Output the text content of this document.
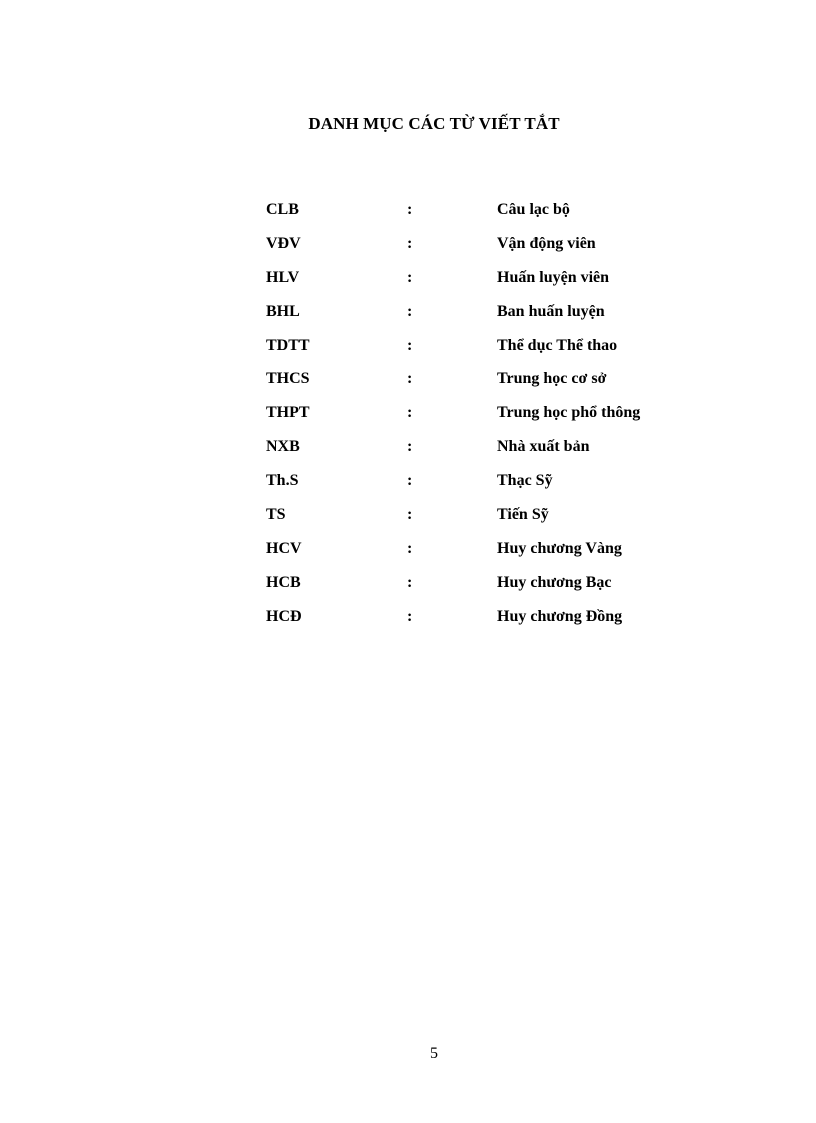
DANH MỤC CÁC TỪ VIẾT TẮT
CLB	:	Câu lạc bộ
VĐV	:	Vận động viên
HLV	:	Huấn luyện viên
BHL	:	Ban huấn luyện
TDTT	:	Thể dục Thể thao
THCS	:	Trung học cơ sở
THPT	:	Trung học phổ thông
NXB	:	Nhà xuất bản
Th.S	:	Thạc Sỹ
TS	:	Tiến Sỹ
HCV	:	Huy chương Vàng
HCB	:	Huy chương Bạc
HCĐ	:	Huy chương Đồng
5
